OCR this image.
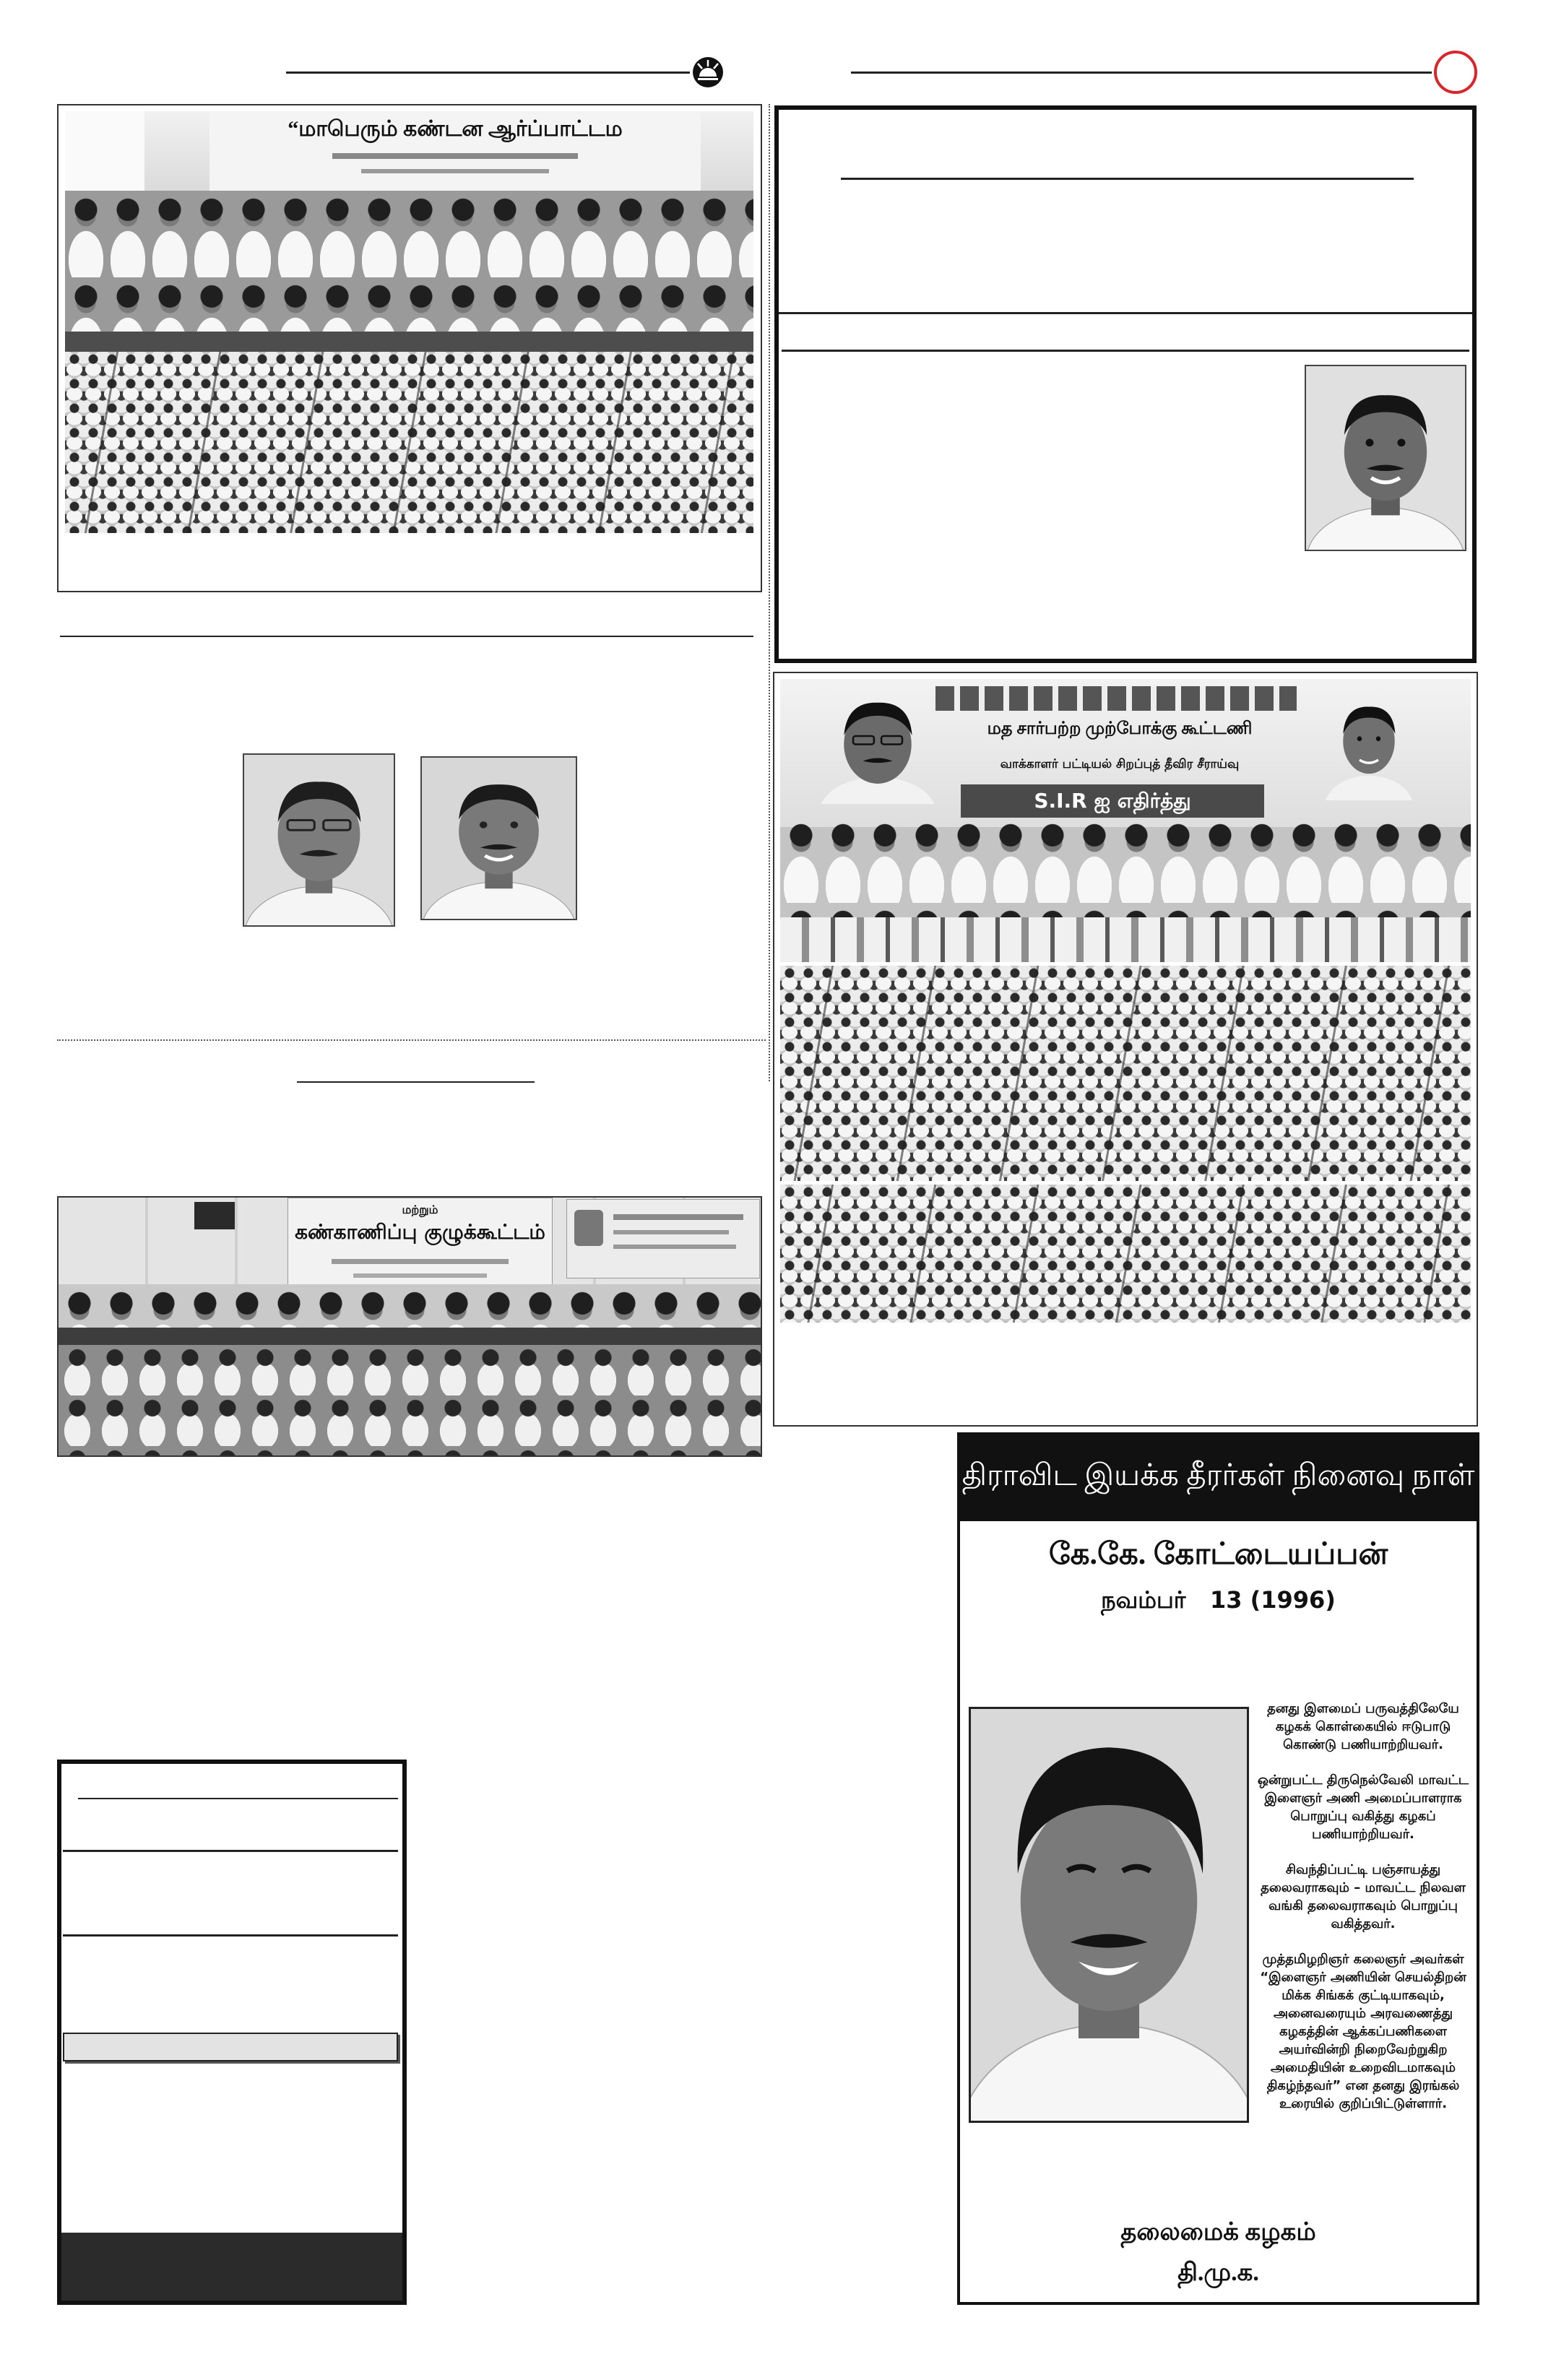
“மாபெரும் கண்டன ஆர்ப்பாட்டம
மற்றும்
கண்காணிப்பு குழுக்கூட்டம்
மத சார்பற்ற முற்போக்கு கூட்டணி
வாக்காளர் பட்டியல் சிறப்புத் தீவிர சீராய்வு
S.I.R ஐ எதிர்த்து
திராவிட இயக்க தீரர்கள் நினைவு நாள்
கே.கே. கோட்டையப்பன்
நவம்பர்   13 (1996)

தனது இளமைப் பருவத்திலேயே கழகக் கொள்கையில் ஈடுபாடு கொண்டு பணியாற்றியவர்.

ஒன்றுபட்ட திருநெல்வேலி மாவட்ட இளைஞர் அணி அமைப்பாளராக பொறுப்பு வகித்து கழகப் பணியாற்றியவர்.

சிவந்திப்பட்டி பஞ்சாயத்து தலைவராகவும் – மாவட்ட நிலவள வங்கி தலைவராகவும் பொறுப்பு வகித்தவர்.

முத்தமிழறிஞர் கலைஞர் அவர்கள் “இளைஞர் அணியின் செயல்திறன் மிக்க சிங்கக் குட்டியாகவும், அனைவரையும் அரவணைத்து கழகத்தின் ஆக்கப்பணிகளை அயர்வின்றி நிறைவேற்றுகிற அமைதியின் உறைவிடமாகவும் திகழ்ந்தவர்” என தனது இரங்கல் உரையில் குறிப்பிட்டுள்ளார்.

தலைமைக் கழகம்
தி.மு.க.
